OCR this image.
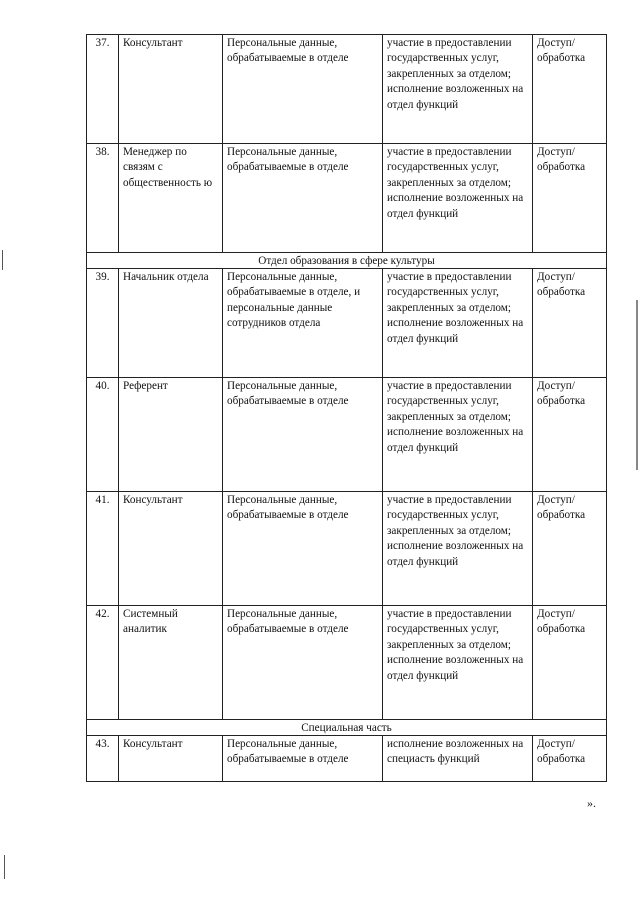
37.	Консультант	Персональные данные, обрабатываемые в отделе	участие в предоставлении государственных услуг, закрепленных за отделом; исполнение возложенных на отдел функций	Доступ/ обработка
38.	Менеджер по связям с общественность ю	Персональные данные, обрабатываемые в отделе	участие в предоставлении государственных услуг, закрепленных за отделом; исполнение возложенных на отдел функций	Доступ/ обработка
Отдел образования в сфере культуры				
39.	Начальник отдела	Персональные данные, обрабатываемые в отделе, и персональные данные сотрудников отдела	участие в предоставлении государственных услуг, закрепленных за отделом; исполнение возложенных на отдел функций	Доступ/ обработка
40.	Референт	Персональные данные, обрабатываемые в отделе	участие в предоставлении государственных услуг, закрепленных за отделом; исполнение возложенных на отдел функций	Доступ/ обработка
41.	Консультант	Персональные данные, обрабатываемые в отделе	участие в предоставлении государственных услуг, закрепленных за отделом; исполнение возложенных на отдел функций	Доступ/ обработка
42.	Системный аналитик	Персональные данные, обрабатываемые в отделе	участие в предоставлении государственных услуг, закрепленных за отделом; исполнение возложенных на отдел функций	Доступ/ обработка
Специальная часть				
43.	Консультант	Персональные данные, обрабатываемые в отделе	исполнение возложенных на специасть функций	Доступ/ обработка
».
